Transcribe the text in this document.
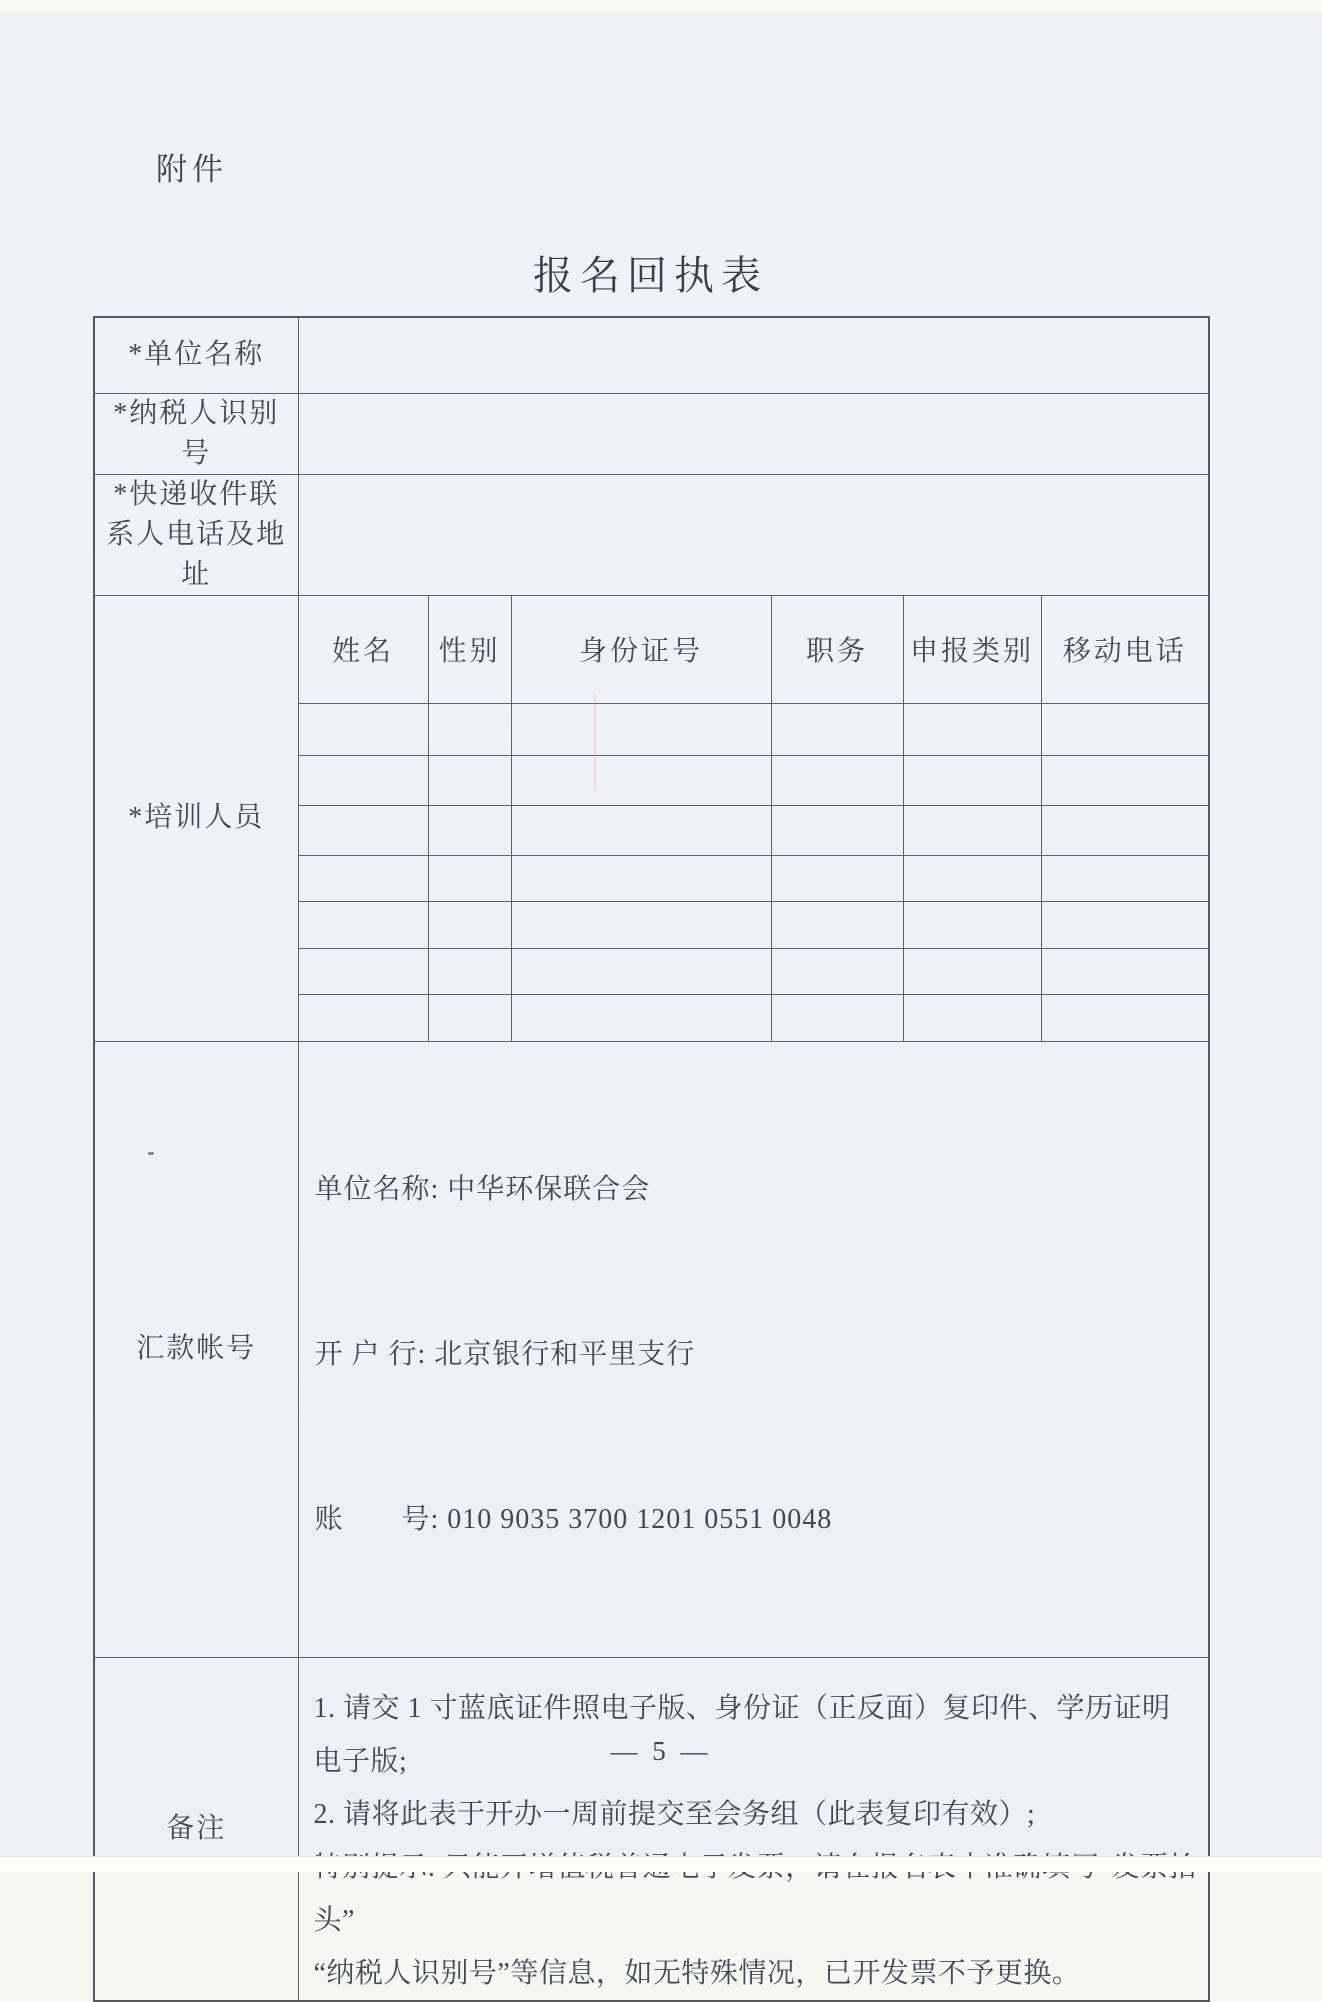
附件
报名回执表
*单位名称						
*纳税人识别号						
*快递收件联系人电话及地址						
*培训人员	姓名	性别	身份证号	职务	申报类别	移动电话

汇款帐号	单位名称: 中华环保联合会

开 户 行: 北京银行和平里支行

账　　号: 010 9035 3700 1201 0551 0048					

备注	1. 请交 1 寸蓝底证件照电子版、身份证（正反面）复印件、学历证明电子版;
2. 请将此表于开办一周前提交至会务组（此表复印有效）;
头”
“纳税人识别号”等信息，如无特殊情况，已开发票不予更换。					
— 5 —
